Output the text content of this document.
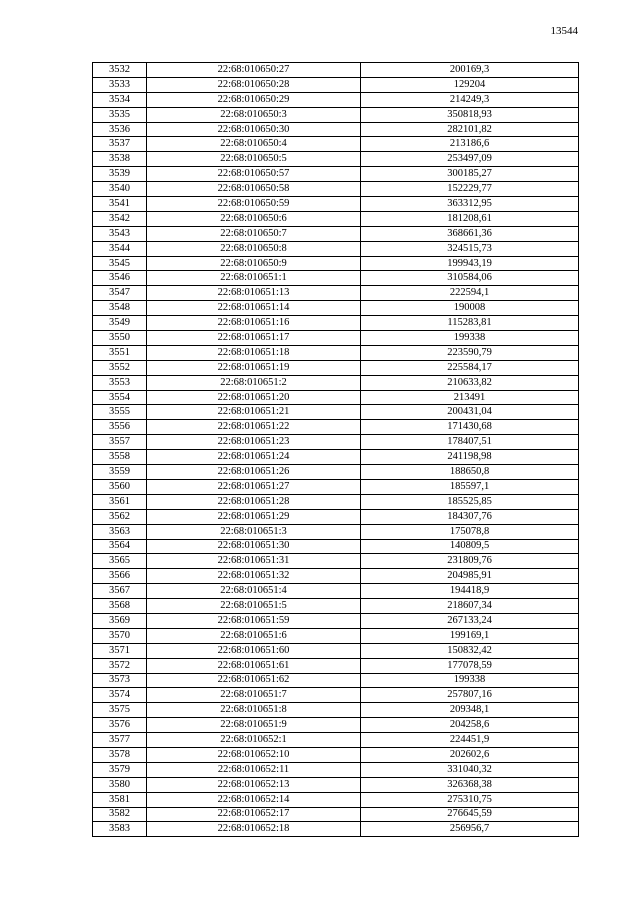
13544
3532	22:68:010650:27	200169,3
3533	22:68:010650:28	129204
3534	22:68:010650:29	214249,3
3535	22:68:010650:3	350818,93
3536	22:68:010650:30	282101,82
3537	22:68:010650:4	213186,6
3538	22:68:010650:5	253497,09
3539	22:68:010650:57	300185,27
3540	22:68:010650:58	152229,77
3541	22:68:010650:59	363312,95
3542	22:68:010650:6	181208,61
3543	22:68:010650:7	368661,36
3544	22:68:010650:8	324515,73
3545	22:68:010650:9	199943,19
3546	22:68:010651:1	310584,06
3547	22:68:010651:13	222594,1
3548	22:68:010651:14	190008
3549	22:68:010651:16	115283,81
3550	22:68:010651:17	199338
3551	22:68:010651:18	223590,79
3552	22:68:010651:19	225584,17
3553	22:68:010651:2	210633,82
3554	22:68:010651:20	213491
3555	22:68:010651:21	200431,04
3556	22:68:010651:22	171430,68
3557	22:68:010651:23	178407,51
3558	22:68:010651:24	241198,98
3559	22:68:010651:26	188650,8
3560	22:68:010651:27	185597,1
3561	22:68:010651:28	185525,85
3562	22:68:010651:29	184307,76
3563	22:68:010651:3	175078,8
3564	22:68:010651:30	140809,5
3565	22:68:010651:31	231809,76
3566	22:68:010651:32	204985,91
3567	22:68:010651:4	194418,9
3568	22:68:010651:5	218607,34
3569	22:68:010651:59	267133,24
3570	22:68:010651:6	199169,1
3571	22:68:010651:60	150832,42
3572	22:68:010651:61	177078,59
3573	22:68:010651:62	199338
3574	22:68:010651:7	257807,16
3575	22:68:010651:8	209348,1
3576	22:68:010651:9	204258,6
3577	22:68:010652:1	224451,9
3578	22:68:010652:10	202602,6
3579	22:68:010652:11	331040,32
3580	22:68:010652:13	326368,38
3581	22:68:010652:14	275310,75
3582	22:68:010652:17	276645,59
3583	22:68:010652:18	256956,7
